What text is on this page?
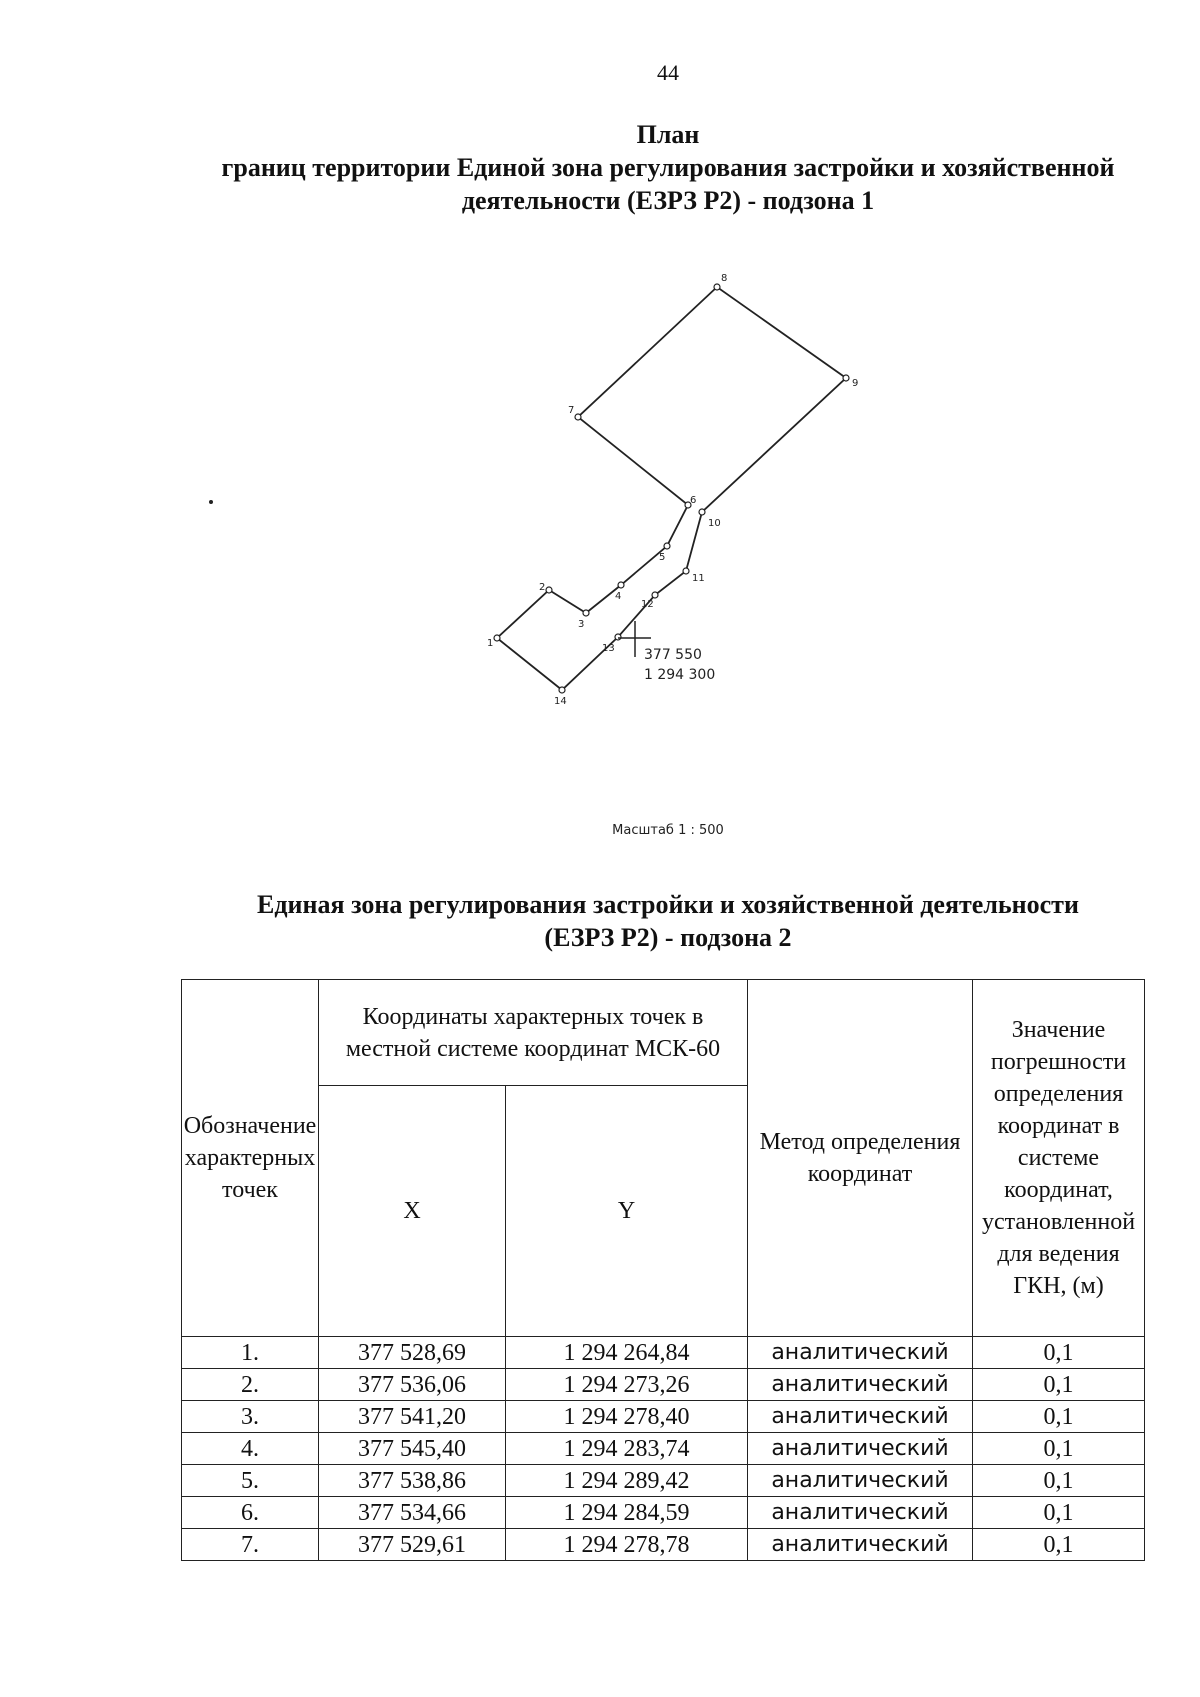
44
План
границ территории Единой зона регулирования застройки и хозяйственной
деятельности (ЕЗРЗ Р2) - подзона 1
1
2
3
4
5
6
7
8
9
10
11
12
13
14
377 550
1 294 300
Масштаб 1 : 500
Единая зона регулирования застройки и хозяйственной деятельности
(ЕЗРЗ Р2) - подзона 2
Обозначение характерных точек	Координаты характерных точек в местной системе координат МСК-60		Метод определения координат	Значение погрешности определения координат в системе координат, установленной для ведения ГКН, (м)
	X	Y		
1.	377 528,69	1 294 264,84	аналитический	0,1
2.	377 536,06	1 294 273,26	аналитический	0,1
3.	377 541,20	1 294 278,40	аналитический	0,1
4.	377 545,40	1 294 283,74	аналитический	0,1
5.	377 538,86	1 294 289,42	аналитический	0,1
6.	377 534,66	1 294 284,59	аналитический	0,1
7.	377 529,61	1 294 278,78	аналитический	0,1
